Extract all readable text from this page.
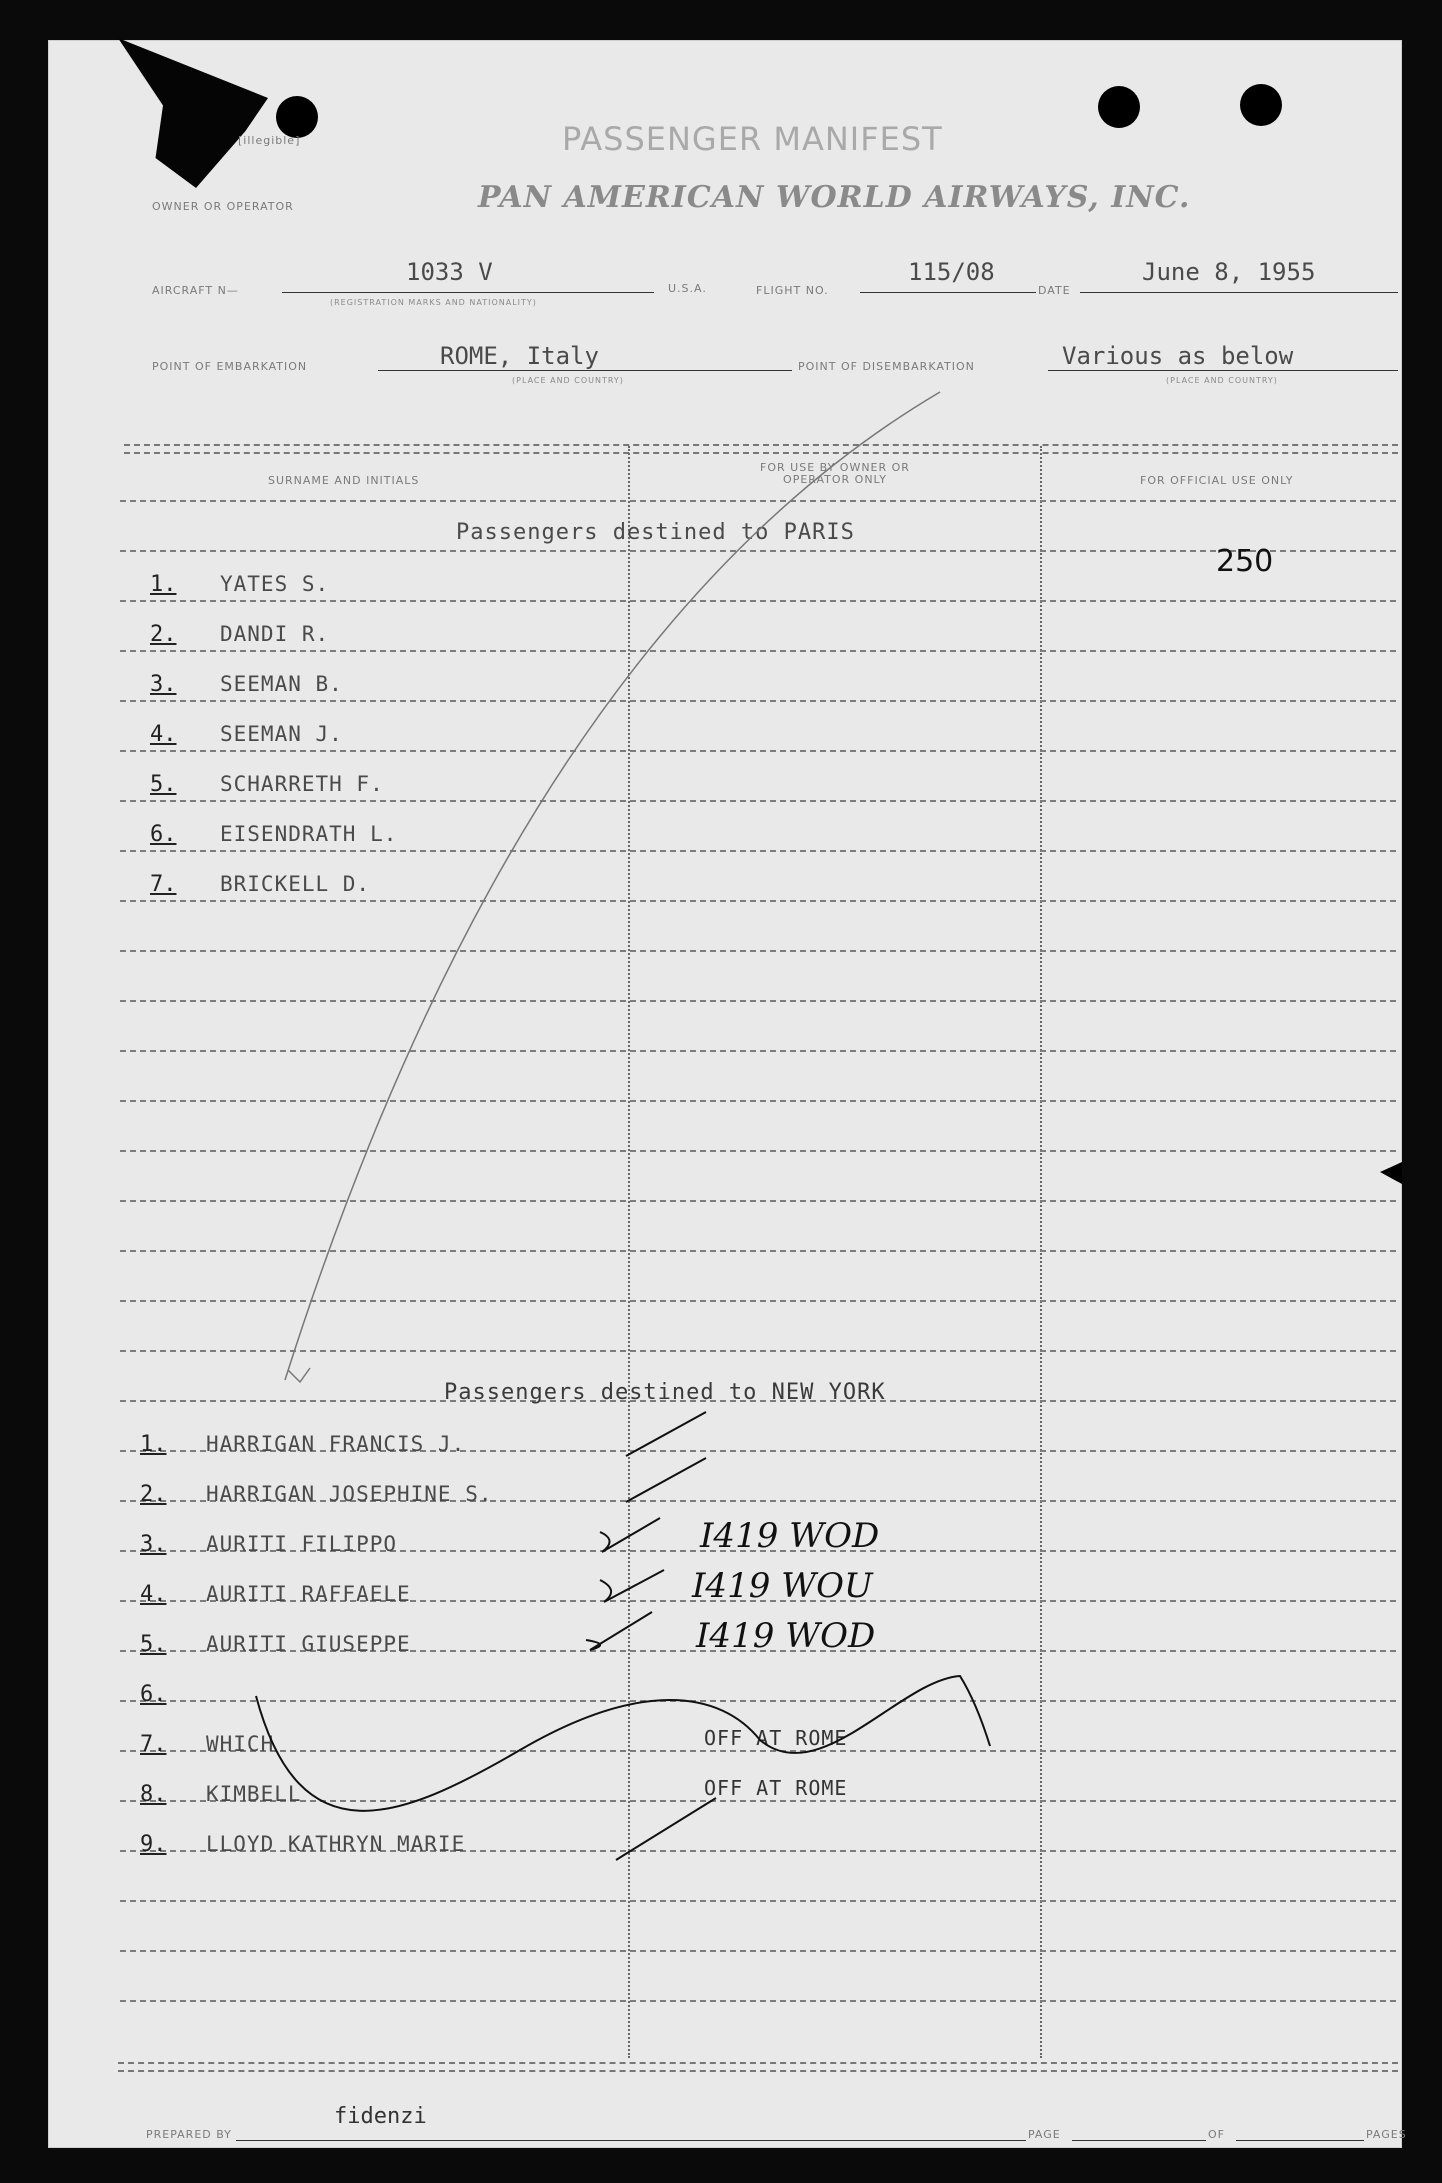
[illegible]	PASSENGER MANIFEST
PAN AMERICAN WORLD AIRWAYS, INC.
OWNER OR OPERATOR
AIRCRAFT N—
1033 V
(REGISTRATION MARKS AND NATIONALITY)
U.S.A.	FLIGHT NO.
115/08
DATE
June 8, 1955
POINT OF EMBARKATION	ROME, Italy
(PLACE AND COUNTRY)
POINT OF DISEMBARKATION	Various as below
(PLACE AND COUNTRY)
SURNAME AND INITIALS
FOR USE BY OWNER OR OPERATOR ONLY	FOR OFFICIAL USE ONLY
Passengers destined to PARIS
250
1. YATES S.
2. DANDI R.
3. SEEMAN B.
4. SEEMAN J.
5. SCHARRETH F.
6. EISENDRATH L.
7. BRICKELL D.
Passengers destined to NEW YORK
1. HARRIGAN FRANCIS J.
2. HARRIGAN JOSEPHINE S.
3. AURITI FILIPPO	I419 WOD
4. AURITI RAFFAELE	I419 WOU
5. AURITI GIUSEPPE	I419 WOD
6.
7. WHICH	OFF AT ROME
8. KIMBELL	OFF AT ROME
9. LLOYD KATHRYN MARIE
PREPARED BY
fidenzi
PAGE	OF	PAGES
